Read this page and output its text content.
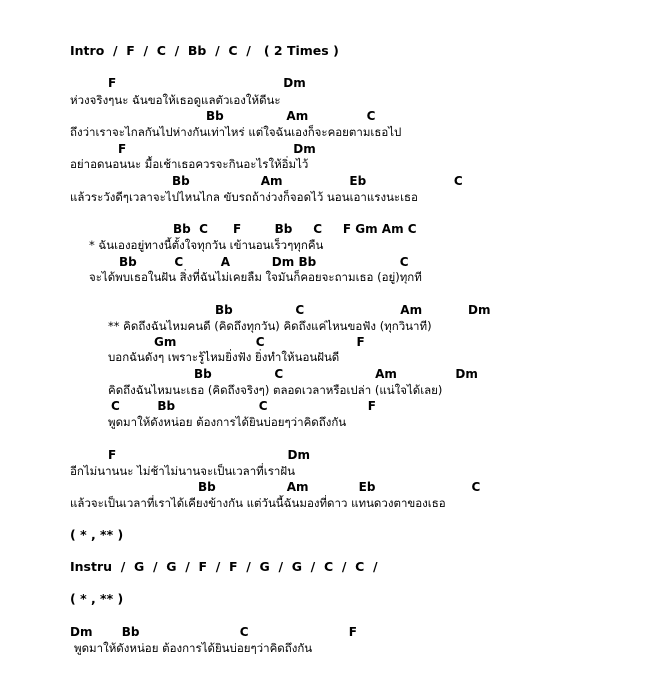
Intro  /  F  /  C  /  Bb  /  C  /   ( 2 Times )
F                                        Dm
ห่วงจริงๆนะ ฉันขอให้เธอดูแลตัวเองให้ดีนะ
Bb               Am              C
ถึงว่าเราจะไกลกันไปห่างกันเท่าไหร่ แต่ใจฉันเองก็จะคอยตามเธอไป
F                                        Dm
อย่าอดนอนนะ มื้อเช้าเธอควรจะกินอะไรให้อิ่มไว้
Bb                 Am                Eb                     C
แล้วระวังดีๆเวลาจะไปไหนไกล ขับรถถ้าง่วงก็จอดไว้ นอนเอาแรงนะเธอ
Bb  C      F        Bb     C     F Gm Am C
* ฉันเองอยู่ทางนี้ตั้งใจทุกวัน เข้านอนเร็วๆทุกคืน
Bb         C         A          Dm Bb                    C
จะได้พบเธอในฝัน สิ่งที่ฉันไม่เคยลืม ใจมันก็คอยจะถามเธอ (อยู่)ทุกที
Bb               C                       Am           Dm
** คิดถึงฉันไหมคนดี (คิดถึงทุกวัน) คิดถึงแค่ไหนขอฟัง (ทุกวินาที)
Gm                   C                      F
บอกฉันดังๆ เพราะรู้ไหมยิ่งฟัง ยิ่งทำให้นอนฝันดี
Bb               C                      Am              Dm
คิดถึงฉันไหมนะเธอ (คิดถึงจริงๆ) ตลอดเวลาหรือเปล่า (แน่ใจได้เลย)
C         Bb                    C                        F
พูดมาให้ดังหน่อย ต้องการได้ยินบ่อยๆว่าคิดถึงกัน
F                                         Dm
อีกไม่นานนะ ไม่ช้าไม่นานจะเป็นเวลาที่เราฝัน
Bb                 Am            Eb                       C
แล้วจะเป็นเวลาที่เราได้เคียงข้างกัน แต่วันนี้ฉันมองที่ดาว แทนดวงตาของเธอ
( * , ** )
Instru  /  G  /  G  /  F  /  F  /  G  /  G  /  C  /  C  /
( * , ** )
Dm       Bb                        C                        F
พูดมาให้ดังหน่อย ต้องการได้ยินบ่อยๆว่าคิดถึงกัน
